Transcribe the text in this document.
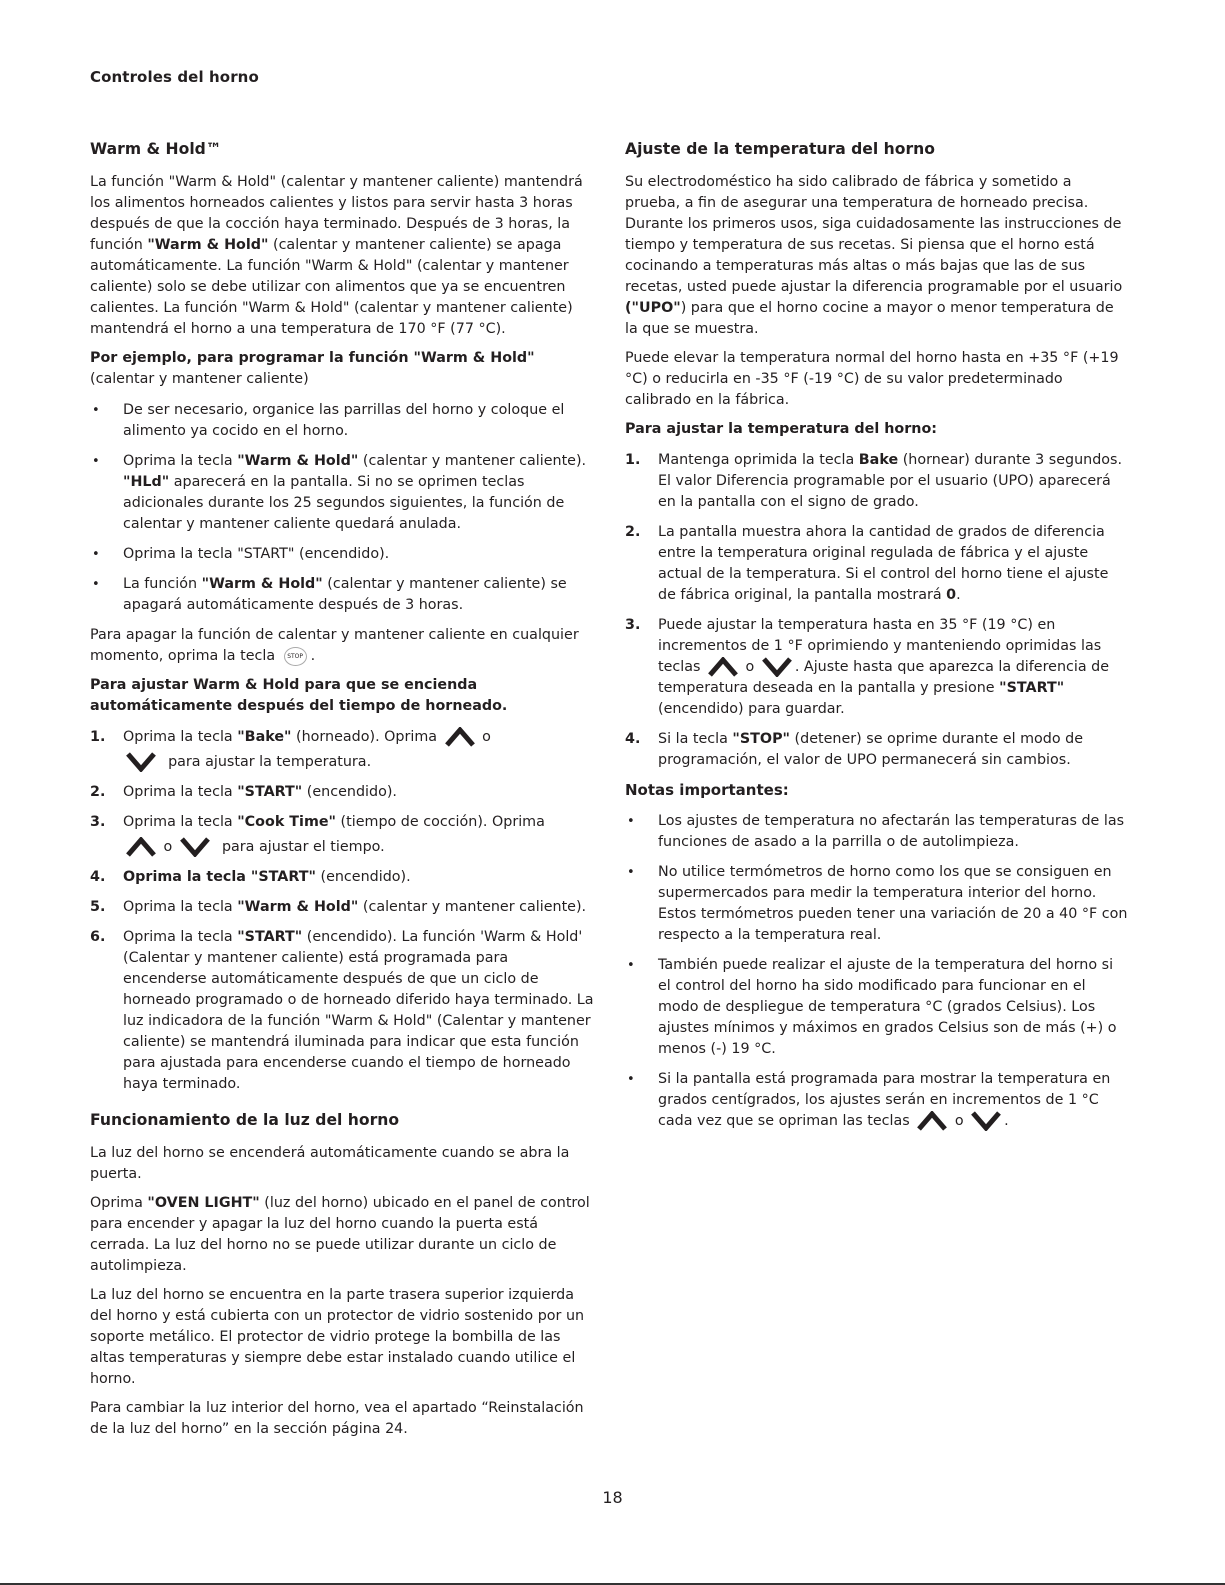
Controles del horno
Warm & Hold™

La función "Warm & Hold" (calentar y mantener caliente) mantendrá los alimentos horneados calientes y listos para servir hasta 3 horas después de que la cocción haya terminado. Después de 3 horas, la función "Warm & Hold" (calentar y mantener caliente) se apaga automáticamente. La función "Warm & Hold" (calentar y mantener caliente) solo se debe utilizar con alimentos que ya se encuentren calientes. La función "Warm & Hold" (calentar y mantener caliente) mantendrá el horno a una temperatura de 170 °F (77 °C).

Por ejemplo, para programar la función "Warm & Hold" (calentar y mantener caliente)

• De ser necesario, organice las parrillas del horno y coloque el alimento ya cocido en el horno.
• Oprima la tecla "Warm & Hold" (calentar y mantener caliente). "HLd" aparecerá en la pantalla. Si no se oprimen teclas adicionales durante los 25 segundos siguientes, la función de calentar y mantener caliente quedará anulada.
• Oprima la tecla "START" (encendido).
• La función "Warm & Hold" (calentar y mantener caliente) se apagará automáticamente después de 3 horas.

Para apagar la función de calentar y mantener caliente en cualquier momento, oprima la tecla STOP .

Para ajustar Warm & Hold para que se encienda automáticamente después del tiempo de horneado.

1. Oprima la tecla "Bake" (horneado). Oprima	o

para ajustar la temperatura.
2. Oprima la tecla "START" (encendido).
3. Oprima la tecla "Cook Time" (tiempo de cocción). Oprima

o	para ajustar el tiempo.
4. Oprima la tecla "START" (encendido).
5. Oprima la tecla "Warm & Hold" (calentar y mantener caliente).
6. Oprima la tecla "START" (encendido). La función 'Warm & Hold' (Calentar y mantener caliente) está programada para encenderse automáticamente después de que un ciclo de horneado programado o de horneado diferido haya terminado. La luz indicadora de la función "Warm & Hold" (Calentar y mantener caliente) se mantendrá iluminada para indicar que esta función para ajustada para encenderse cuando el tiempo de horneado haya terminado.
Funcionamiento de la luz del horno

La luz del horno se encenderá automáticamente cuando se abra la puerta.

Oprima "OVEN LIGHT" (luz del horno) ubicado en el panel de control para encender y apagar la luz del horno cuando la puerta está cerrada. La luz del horno no se puede utilizar durante un ciclo de autolimpieza.

La luz del horno se encuentra en la parte trasera superior izquierda del horno y está cubierta con un protector de vidrio sostenido por un soporte metálico. El protector de vidrio protege la bombilla de las altas temperaturas y siempre debe estar instalado cuando utilice el horno.

Para cambiar la luz interior del horno, vea el apartado “Reinstalación de la luz del horno” en la sección página 24.

Ajuste de la temperatura del horno

Su electrodoméstico ha sido calibrado de fábrica y sometido a prueba, a fin de asegurar una temperatura de horneado precisa. Durante los primeros usos, siga cuidadosamente las instrucciones de tiempo y temperatura de sus recetas. Si piensa que el horno está cocinando a temperaturas más altas o más bajas que las de sus recetas, usted puede ajustar la diferencia programable por el usuario ("UPO") para que el horno cocine a mayor o menor temperatura de la que se muestra.

Puede elevar la temperatura normal del horno hasta en +35 °F (+19 °C) o reducirla en -35 °F (-19 °C) de su valor predeterminado calibrado en la fábrica.

Para ajustar la temperatura del horno:

1. Mantenga oprimida la tecla Bake (hornear) durante 3 segundos. El valor Diferencia programable por el usuario (UPO) aparecerá en la pantalla con el signo de grado.
2. La pantalla muestra ahora la cantidad de grados de diferencia entre la temperatura original regulada de fábrica y el ajuste actual de la temperatura. Si el control del horno tiene el ajuste de fábrica original, la pantalla mostrará 0.
3. Puede ajustar la temperatura hasta en 35 °F (19 °C) en incrementos de 1 °F oprimiendo y manteniendo oprimidas las teclas	o	. Ajuste hasta que aparezca la diferencia de temperatura deseada en la pantalla y presione "START" (encendido) para guardar.
4. Si la tecla "STOP" (detener) se oprime durante el modo de programación, el valor de UPO permanecerá sin cambios.
Notas importantes:
• Los ajustes de temperatura no afectarán las temperaturas de las funciones de asado a la parrilla o de autolimpieza.
• No utilice termómetros de horno como los que se consiguen en supermercados para medir la temperatura interior del horno. Estos termómetros pueden tener una variación de 20 a 40 °F con respecto a la temperatura real.
• También puede realizar el ajuste de la temperatura del horno si el control del horno ha sido modificado para funcionar en el modo de despliegue de temperatura °C (grados Celsius). Los ajustes mínimos y máximos en grados Celsius son de más (+) o menos (-) 19 °C.
• Si la pantalla está programada para mostrar la temperatura en grados centígrados, los ajustes serán en incrementos de 1 °C cada vez que se opriman las teclas	o	.
18
